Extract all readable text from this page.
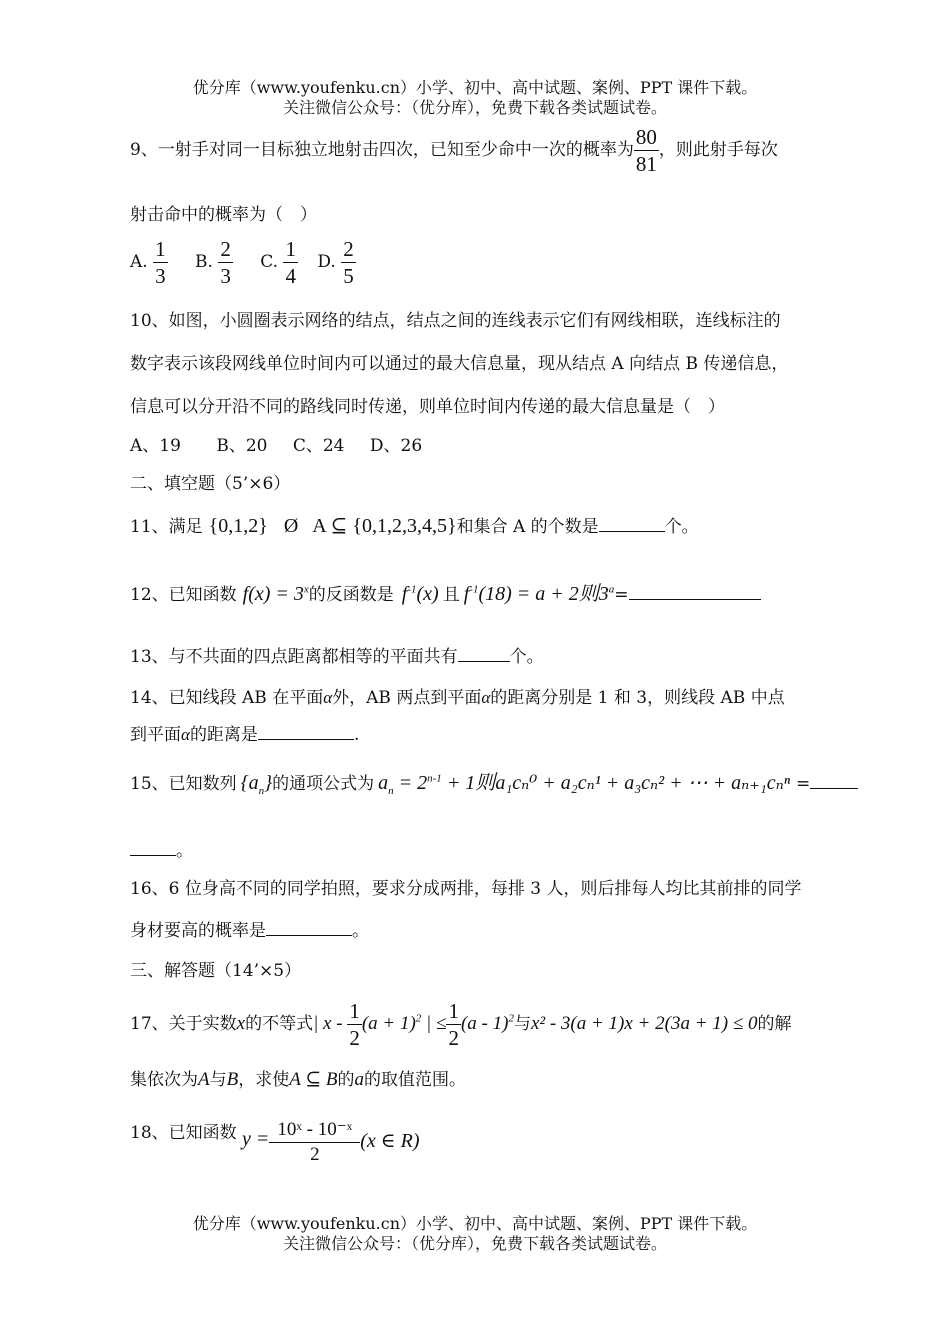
优分库（www.youfenku.cn）小学、初中、高中试题、案例、PPT 课件下载。
关注微信公众号：（优分库），免费下载各类试题试卷。
9、一射手对同一目标独立地射击四次，已知至少命中一次的概率为 $\frac{80}{81}$ ，则此射手每次
射击命中的概率为（　）
A. $\frac{1}{3} B$. $\frac{2}{3} C$. $\frac{1}{4} D$. $\frac{2}{5}$
10、如图，小圆圈表示网络的结点，结点之间的连线表示它们有网线相联，连线标注的
数字表示该段网线单位时间内可以通过的最大信息量，现从结点 A 向结点 B 传递信息，
信息可以分开沿不同的路线同时传递，则单位时间内传递的最大信息量是（　）
A、19 B、20 C、24 D、26
二、填空题（5’×6）
11、满足 {0,1,2} Ø A ⊆ {0,1,2,3,4,5}和集合 A 的个数是	个。
12、已知函数 $f(x) = 3^x$的反函数是 $f^{-1}(x)$ 且 $f^{-1}(18) = a + 2$则$3^a=$
13、与不共面的四点距离都相等的平面共有	个。
14、已知线段 AB 在平面α外，AB 两点到平面α的距离分别是 1 和 3，则线段 AB 中点
到平面α的距离是	.
15、已知数列 $\{a_n\}$的通项公式为 $a_n = 2^{n-1} + 1$则a₁cₙ⁰ + a₂cₙ¹ + a₃cₙ² + ⋯ + aₙ₊₁cₙⁿ =
。
16、6 位身高不同的同学拍照，要求分成两排，每排 3 人，则后排每人均比其前排的同学
身材要高的概率是	。
三、解答题（14’×5）
17、关于实数x的不等式| $x - \frac{1}{2} (a + 1)^2$ | ≤ $\frac{1}{2} (a - 1)^2$与x² - 3(a + 1)x + 2(3a + 1) ≤ 0的解
集依次为A与B，求使A ⊆ B的a的取值范围。
18、已知函数 $y = \frac{\text{10ˣ - 10⁻ˣ}}{2} (x$ ∈ R)
优分库（www.youfenku.cn）小学、初中、高中试题、案例、PPT 课件下载。
关注微信公众号：（优分库），免费下载各类试题试卷。
